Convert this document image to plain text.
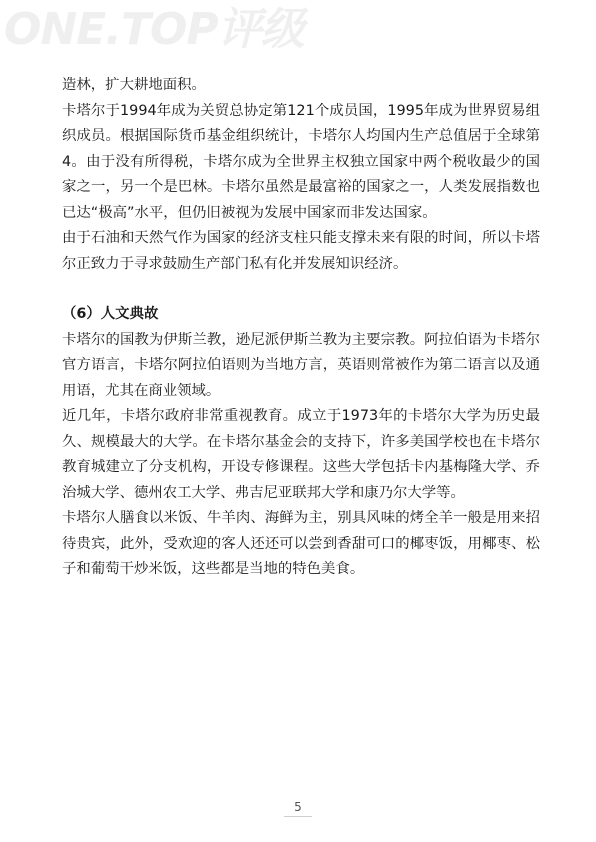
ONE.TOP评级

造林，扩大耕地面积。

卡塔尔于1994年成为关贸总协定第121个成员国，1995年成为世界贸易组织成员。根据国际货币基金组织统计，卡塔尔人均国内生产总值居于全球第4。由于没有所得税，卡塔尔成为全世界主权独立国家中两个税收最少的国家之一，另一个是巴林。卡塔尔虽然是最富裕的国家之一，人类发展指数也已达“极高”水平，但仍旧被视为发展中国家而非发达国家。

由于石油和天然气作为国家的经济支柱只能支撑未来有限的时间，所以卡塔尔正致力于寻求鼓励生产部门私有化并发展知识经济。

（6）人文典故

卡塔尔的国教为伊斯兰教，逊尼派伊斯兰教为主要宗教。阿拉伯语为卡塔尔官方语言，卡塔尔阿拉伯语则为当地方言，英语则常被作为第二语言以及通用语，尤其在商业领域。

近几年，卡塔尔政府非常重视教育。成立于1973年的卡塔尔大学为历史最久、规模最大的大学。在卡塔尔基金会的支持下，许多美国学校也在卡塔尔教育城建立了分支机构，开设专修课程。这些大学包括卡内基梅隆大学、乔治城大学、德州农工大学、弗吉尼亚联邦大学和康乃尔大学等。

卡塔尔人膳食以米饭、牛羊肉、海鲜为主，别具风味的烤全羊一般是用来招待贵宾，此外，受欢迎的客人还还可以尝到香甜可口的椰枣饭，用椰枣、松子和葡萄干炒米饭，这些都是当地的特色美食。

5
